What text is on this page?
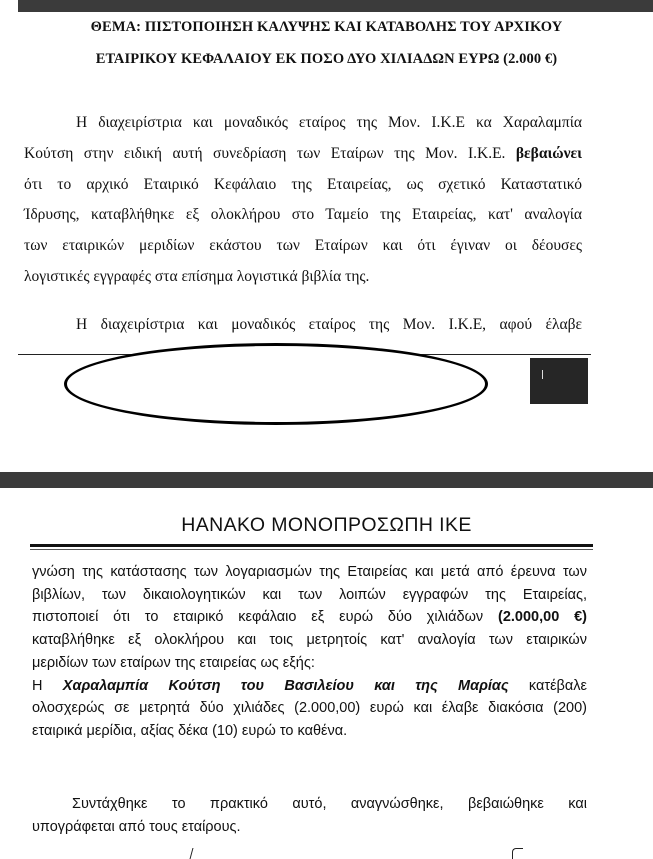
ΘΕΜΑ: ΠΙΣΤΟΠΟΙΗΣΗ ΚΑΛΥΨΗΣ ΚΑΙ ΚΑΤΑΒΟΛΗΣ ΤΟΥ ΑΡΧΙΚΟΥ
ΕΤΑΙΡΙΚΟΥ ΚΕΦΑΛΑΙΟΥ ΕΚ ΠΟΣΟ ΔΥΟ ΧΙΛΙΑΔΩΝ ΕΥΡΩ (2.000 €)
Η διαχειρίστρια και μοναδικός εταίρος της Μον. Ι.Κ.Ε κα Χαραλαμπία
Κούτση στην ειδική αυτή συνεδρίαση των Εταίρων της Μον. Ι.Κ.Ε. βεβαιώνει
ότι το αρχικό Εταιρικό Κεφάλαιο της Εταιρείας, ως σχετικό Καταστατικό
Ίδρυσης, καταβλήθηκε εξ ολοκλήρου στο Ταμείο της Εταιρείας, κατ' αναλογία
των εταιρικών μεριδίων εκάστου των Εταίρων και ότι έγιναν οι δέουσες
λογιστικές εγγραφές στα επίσημα λογιστικά βιβλία της.
Η διαχειρίστρια και μοναδικός εταίρος της Μον. Ι.Κ.Ε, αφού έλαβε
ΗΑΝΑΚΟ ΜΟΝΟΠΡΟΣΩΠΗ ΙΚΕ
γνώση της κατάστασης των λογαριασμών της Εταιρείας και μετά από έρευνα των
βιβλίων, των δικαιολογητικών και των λοιπών εγγραφών της Εταιρείας,
πιστοποιεί ότι το εταιρικό κεφάλαιο εξ ευρώ δύο χιλιάδων (2.000,00 €)
καταβλήθηκε εξ ολοκλήρου και τοις μετρητοίς κατ' αναλογία των εταιρικών
μεριδίων των εταίρων της εταιρείας ως εξής:
Η Χαραλαμπία Κούτση του Βασιλείου και της Μαρίας κατέβαλε
ολοσχερώς σε μετρητά δύο χιλιάδες (2.000,00) ευρώ και έλαβε διακόσια (200)
εταιρικά μερίδια, αξίας δέκα (10) ευρώ το καθένα.
Συντάχθηκε το πρακτικό αυτό, αναγνώσθηκε, βεβαιώθηκε και
υπογράφεται από τους εταίρους.
